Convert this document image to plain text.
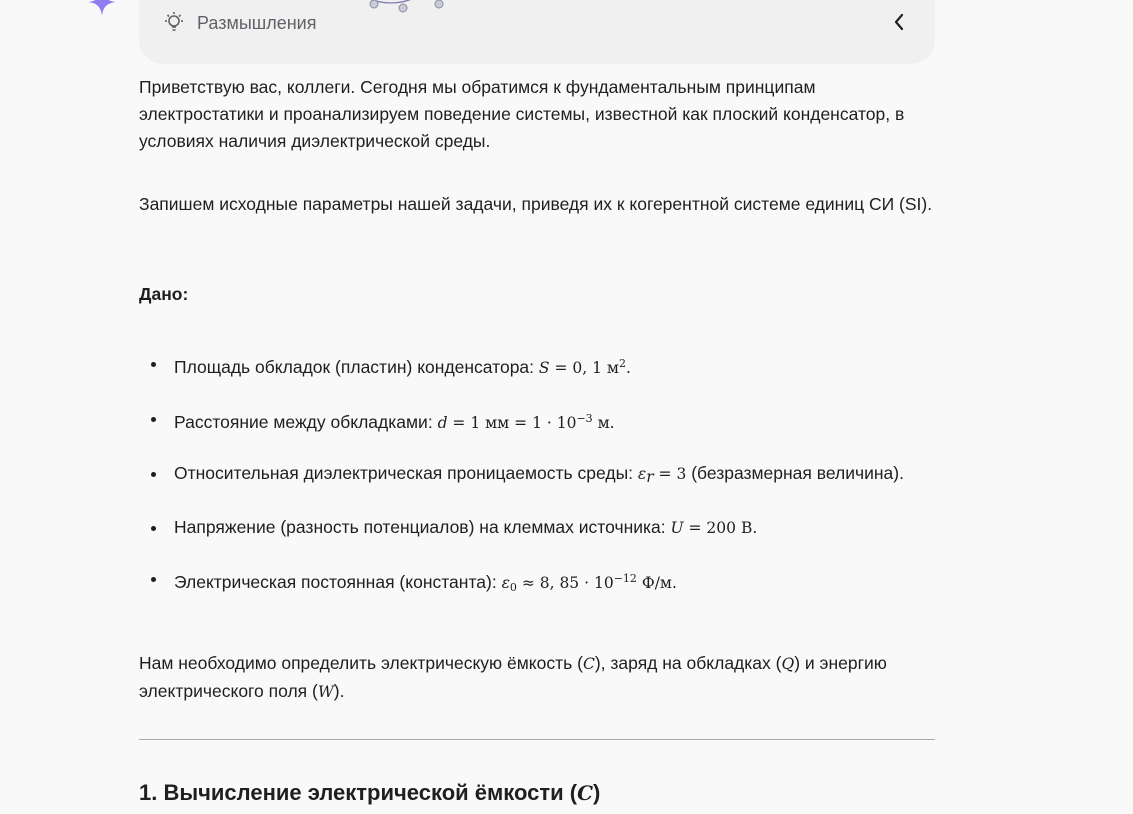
Размышления

Приветствую вас, коллеги. Сегодня мы обратимся к фундаментальным принципам электростатики и проанализируем поведение системы, известной как плоский конденсатор, в условиях наличия диэлектрической среды.

Запишем исходные параметры нашей задачи, приведя их к когерентной системе единиц СИ (SI).

Дано:

Площадь обкладок (пластин) конденсатора: S = 0, 1 $м^2$.
Расстояние между обкладками: d = 1 мм = $1 \cdot 10^{-3}$ м.
Относительная диэлектрическая проницаемость среды: $\varepsilon_r = 3$ (безразмерная величина).
Напряжение (разность потенциалов) на клеммах источника: U = 200 В.
Электрическая постоянная (константа): $\varepsilon_0 \approx 8$, $85 \cdot 10^{-12}$ Ф/м.

Нам необходимо определить электрическую ёмкость (C), заряд на обкладках (Q) и энергию электрического поля (W).

1. Вычисление электрической ёмкости (C)
